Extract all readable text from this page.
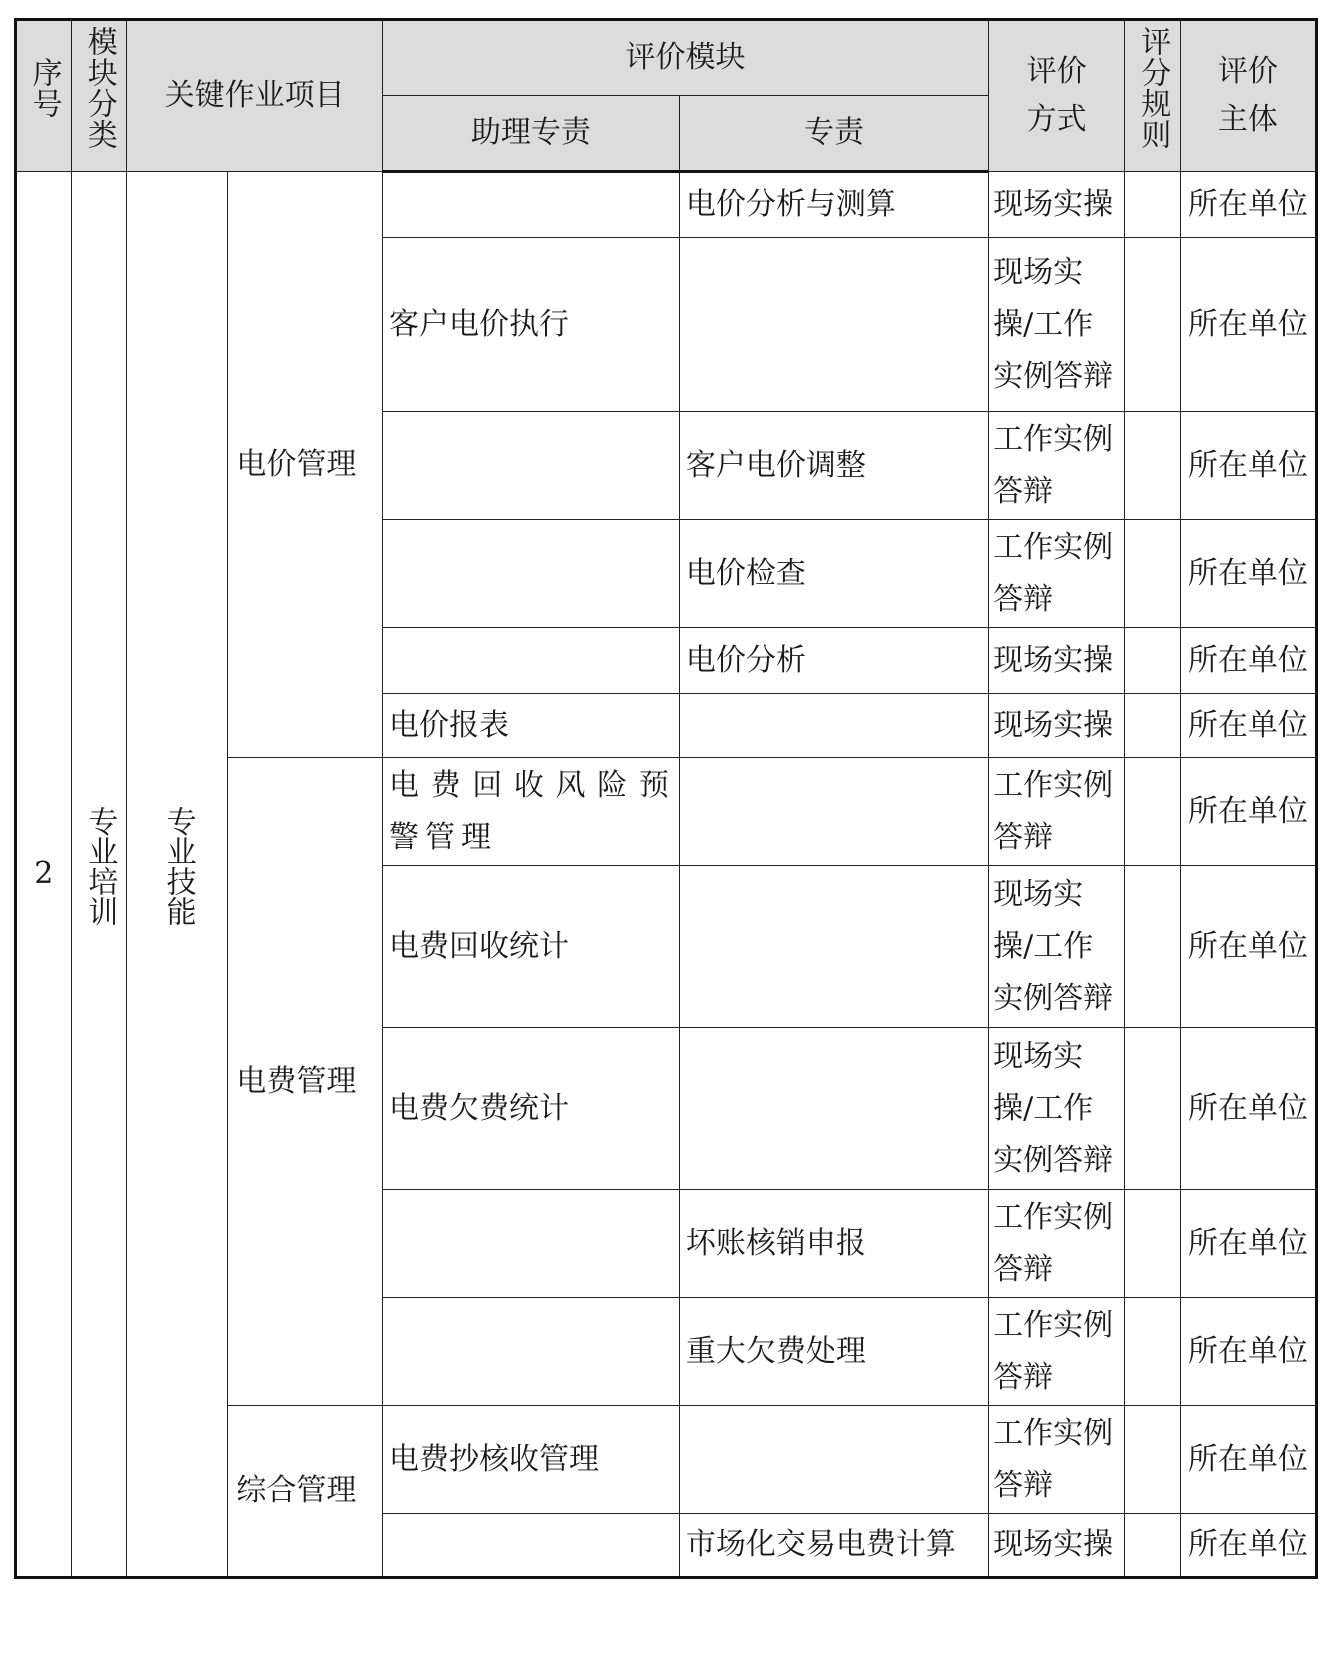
序号	模块分类	关键作业项目		评价模块		评价方式	评分规则	评价主体

				助理专责	专责			
2	专业培训	专业技能	电价管理		电价分析与测算	现场实操		所在单位
				客户电价执行		现场实操/工作实例答辩		所在单位
					客户电价调整	工作实例答辩		所在单位
					电价检查	工作实例答辩		所在单位
					电价分析	现场实操		所在单位
				电价报表		现场实操		所在单位
			电费管理	电费回收风险预警管理		工作实例答辩		所在单位
				电费回收统计		现场实操/工作实例答辩		所在单位
				电费欠费统计		现场实操/工作实例答辩		所在单位
					坏账核销申报	工作实例答辩		所在单位
					重大欠费处理	工作实例答辩		所在单位
			综合管理	电费抄核收管理		工作实例答辩		所在单位
					市场化交易电费计算	现场实操		所在单位
